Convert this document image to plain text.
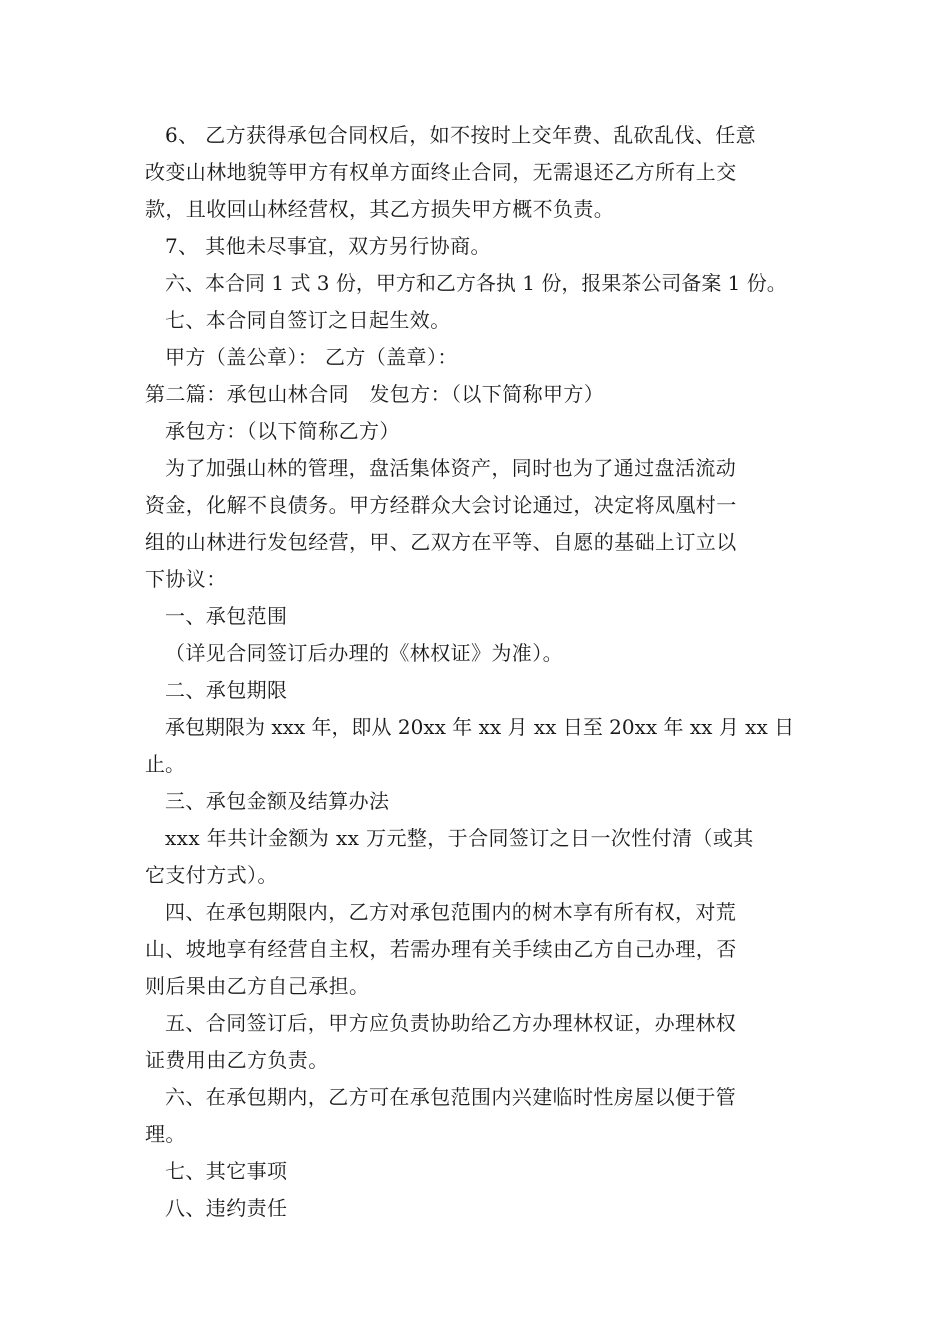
6、 乙方获得承包合同权后，如不按时上交年费、乱砍乱伐、任意

改变山林地貌等甲方有权单方面终止合同，无需退还乙方所有上交

款，且收回山林经营权，其乙方损失甲方概不负责。

7、 其他未尽事宜，双方另行协商。

六、本合同 1 式 3 份，甲方和乙方各执 1 份，报果茶公司备案 1 份。

七、本合同自签订之日起生效。

甲方（盖公章）： 乙方（盖章）：

第二篇：承包山林合同　发包方：（以下简称甲方）

承包方：（以下简称乙方）

为了加强山林的管理，盘活集体资产，同时也为了通过盘活流动

资金，化解不良债务。甲方经群众大会讨论通过，决定将凤凰村一

组的山林进行发包经营，甲、乙双方在平等、自愿的基础上订立以

下协议：

一、承包范围

（详见合同签订后办理的《林权证》为准）。

二、承包期限

承包期限为 xxx 年，即从 20xx 年 xx 月 xx 日至 20xx 年 xx 月 xx 日止。

三、承包金额及结算办法

xxx 年共计金额为 xx 万元整，于合同签订之日一次性付清（或其

它支付方式）。

四、在承包期限内，乙方对承包范围内的树木享有所有权，对荒

山、坡地享有经营自主权，若需办理有关手续由乙方自己办理，否

则后果由乙方自己承担。

五、合同签订后，甲方应负责协助给乙方办理林权证，办理林权

证费用由乙方负责。

六、在承包期内，乙方可在承包范围内兴建临时性房屋以便于管

理。

七、其它事项

八、违约责任
